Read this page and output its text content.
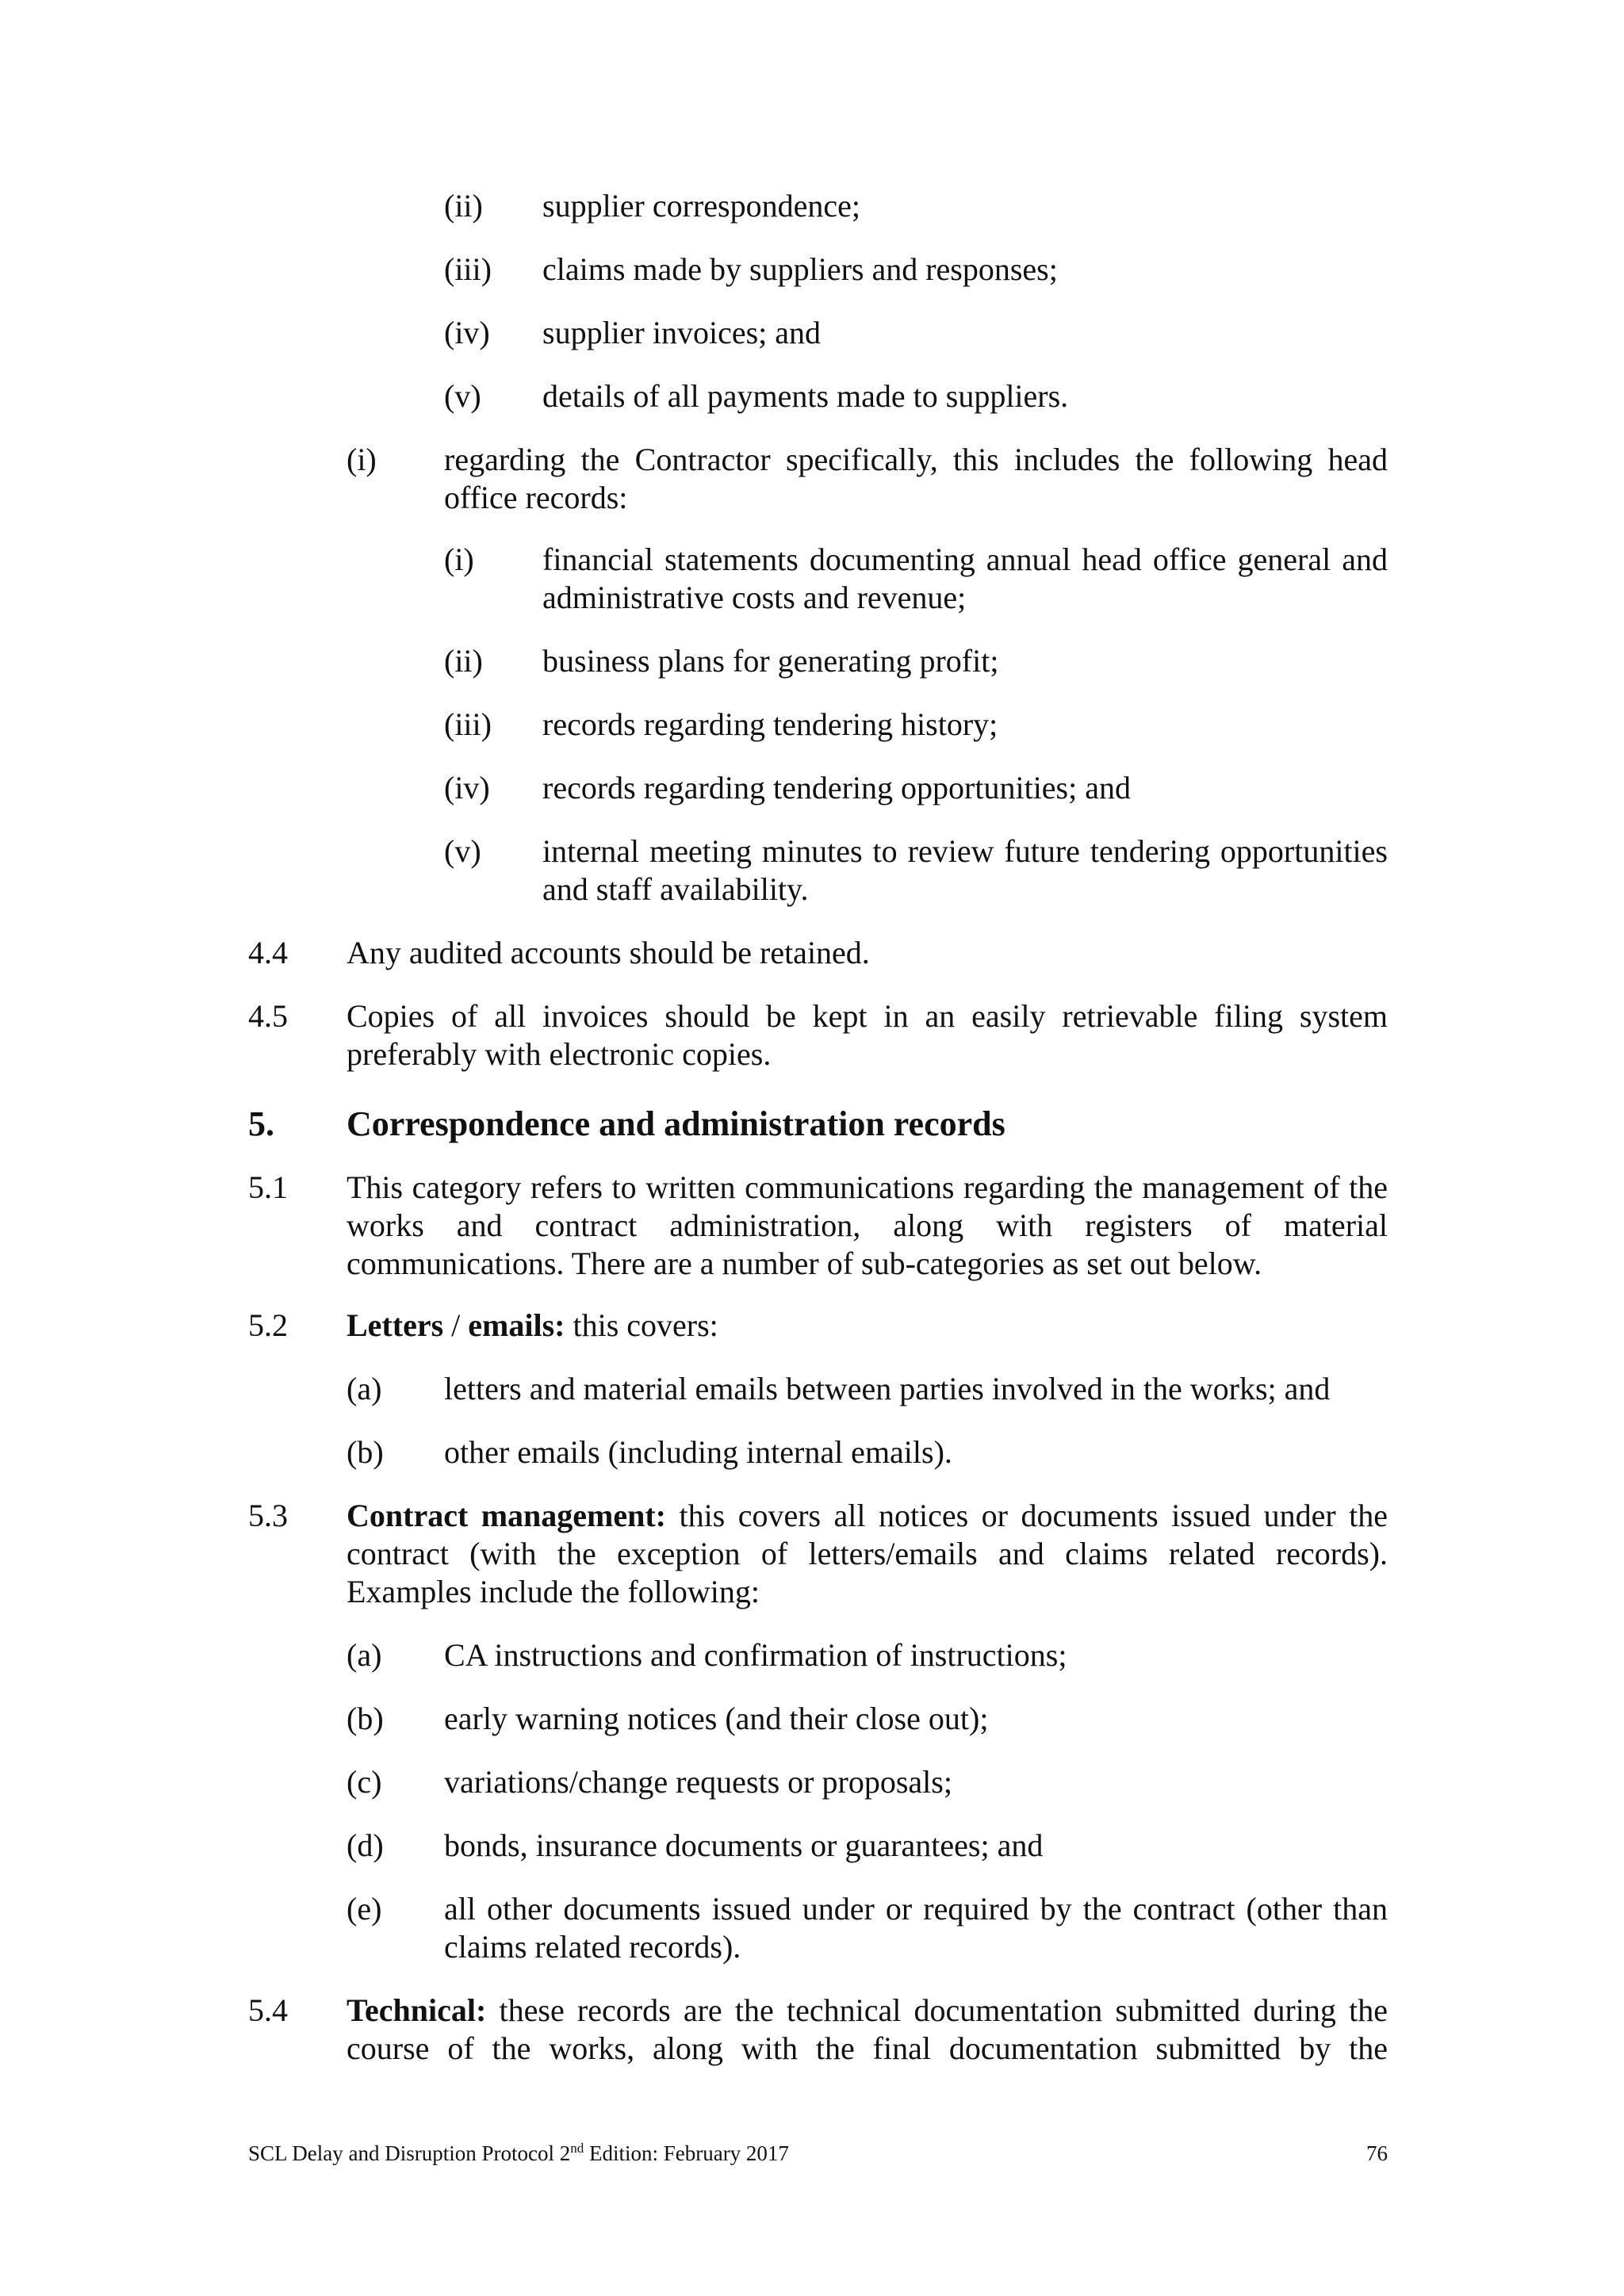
(ii) supplier correspondence;
(iii) claims made by suppliers and responses;
(iv) supplier invoices; and
(v) details of all payments made to suppliers.
(i) regarding the Contractor specifically, this includes the following head office records:
(i) financial statements documenting annual head office general and administrative costs and revenue;
(ii) business plans for generating profit;
(iii) records regarding tendering history;
(iv) records regarding tendering opportunities; and
(v) internal meeting minutes to review future tendering opportunities and staff availability.
4.4 Any audited accounts should be retained.
4.5 Copies of all invoices should be kept in an easily retrievable filing system preferably with electronic copies.
5. Correspondence and administration records
5.1 This category refers to written communications regarding the management of the works and contract administration, along with registers of material communications. There are a number of sub-categories as set out below.
5.2 Letters / emails: this covers:
(a) letters and material emails between parties involved in the works; and
(b) other emails (including internal emails).
5.3 Contract management: this covers all notices or documents issued under the contract (with the exception of letters/emails and claims related records). Examples include the following:
(a) CA instructions and confirmation of instructions;
(b) early warning notices (and their close out);
(c) variations/change requests or proposals;
(d) bonds, insurance documents or guarantees; and
(e) all other documents issued under or required by the contract (other than claims related records).
5.4 Technical: these records are the technical documentation submitted during the course of the works, along with the final documentation submitted by the
SCL Delay and Disruption Protocol 2nd Edition: February 2017	76
